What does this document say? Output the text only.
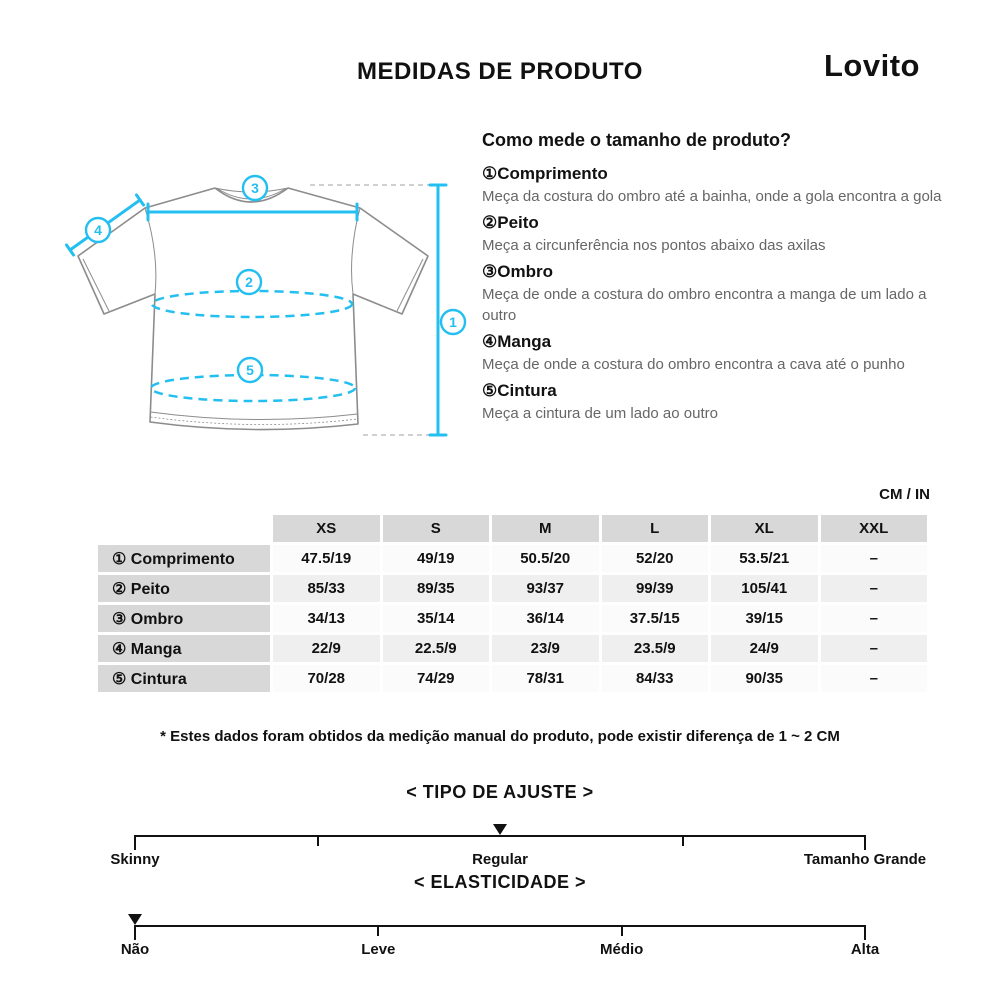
MEDIDAS DE PRODUTO	Lovito
3
4
2
5
1
Como mede o tamanho de produto?
①Comprimento
Meça da costura do ombro até a bainha, onde a gola encontra a gola
②Peito
Meça a circunferência nos pontos abaixo das axilas
③Ombro
Meça de onde a costura do ombro encontra a manga de um lado a outro
④Manga
Meça de onde a costura do ombro encontra a cava até o punho
⑤Cintura
Meça a cintura de um lado ao outro
CM / IN
	XS	S	M	L	XL	XXL
① Comprimento	47.5/19	49/19	50.5/20	52/20	53.5/21	–
② Peito	85/33	89/35	93/37	99/39	105/41	–
③ Ombro	34/13	35/14	36/14	37.5/15	39/15	–
④ Manga	22/9	22.5/9	23/9	23.5/9	24/9	–
⑤ Cintura	70/28	74/29	78/31	84/33	90/35	–
* Estes dados foram obtidos da medição manual do produto, pode existir diferença de 1 ~ 2 CM
< TIPO DE AJUSTE >
Skinny	Regular	Tamanho Grande
< ELASTICIDADE >
Não	Leve	Médio	Alta
